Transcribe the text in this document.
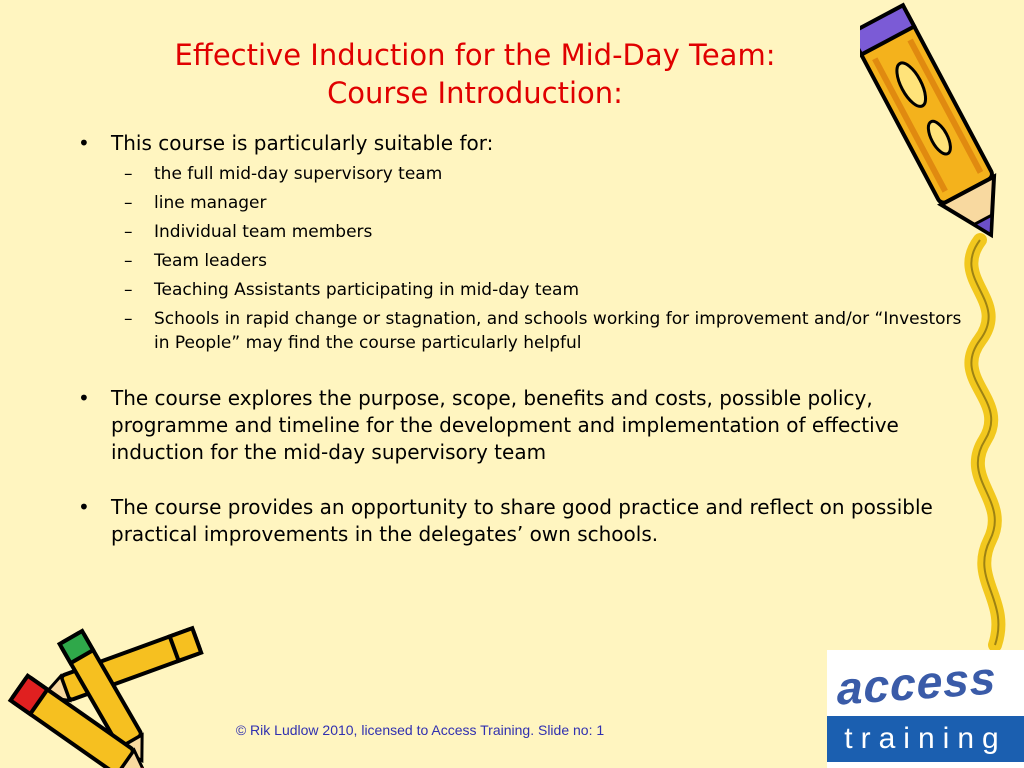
Effective Induction for the Mid-Day Team:
Course Introduction:
•	This course is particularly suitable for:
– the full mid-day supervisory team
– line manager
– Individual team members
– Team leaders
– Teaching Assistants participating in mid-day team
– Schools in rapid change or stagnation, and schools working for improvement and/or “Investors in People” may find the course particularly helpful
•	The course explores the purpose, scope, benefits and costs, possible policy, programme and timeline for the development and implementation of effective induction for the mid-day supervisory team
•	The course provides an opportunity to share good practice and reflect on possible practical improvements in the delegates’ own schools.
© Rik Ludlow 2010, licensed to Access Training. Slide no: 1
access
training
